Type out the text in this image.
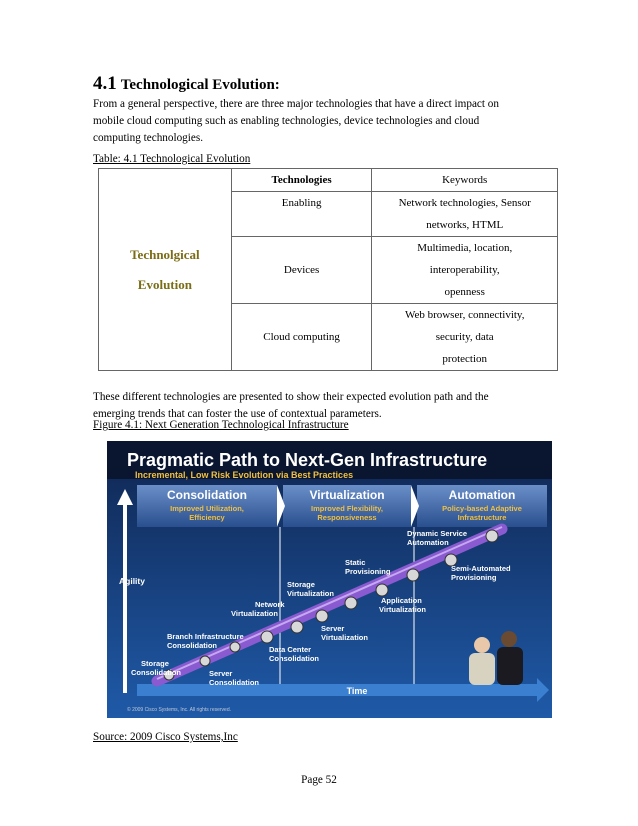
4.1 Technological Evolution:
From a general perspective, there are three major technologies that have a direct impact on
mobile cloud computing such as enabling technologies, device technologies and cloud
computing technologies.
Table: 4.1 Technological Evolution
Technolgical
Evolution	Technologies	Keywords
	Enabling	Network technologies, Sensor
networks, HTML

	Devices	Multimedia, location,
interoperability,
openness

	Cloud computing	Web browser, connectivity,
security, data
protection
These different technologies are presented to show their expected evolution path and the
emerging trends that can foster the use of contextual parameters.
Figure 4.1: Next Generation Technological Infrastructure
Pragmatic Path to Next-Gen Infrastructure
Incremental, Low Risk Evolution via Best Practices
Consolidation
Improved Utilization,
Efficiency
Virtualization
Improved Flexibility,
Responsiveness
Automation
Policy-based Adaptive
Infrastructure
Agility
Time
Storage
Consolidation	Server
Consolidation
Branch Infrastructure
Consolidation	Data Center
Consolidation
Network
Virtualization
Server
Virtualization
Storage
Virtualization
Static
Provisioning
Application
Virtualization
Dynamic Service
Automation
Semi-Automated
Provisioning
© 2009 Cisco Systems, Inc. All rights reserved.
Source: 2009 Cisco Systems,Inc
Page 52
